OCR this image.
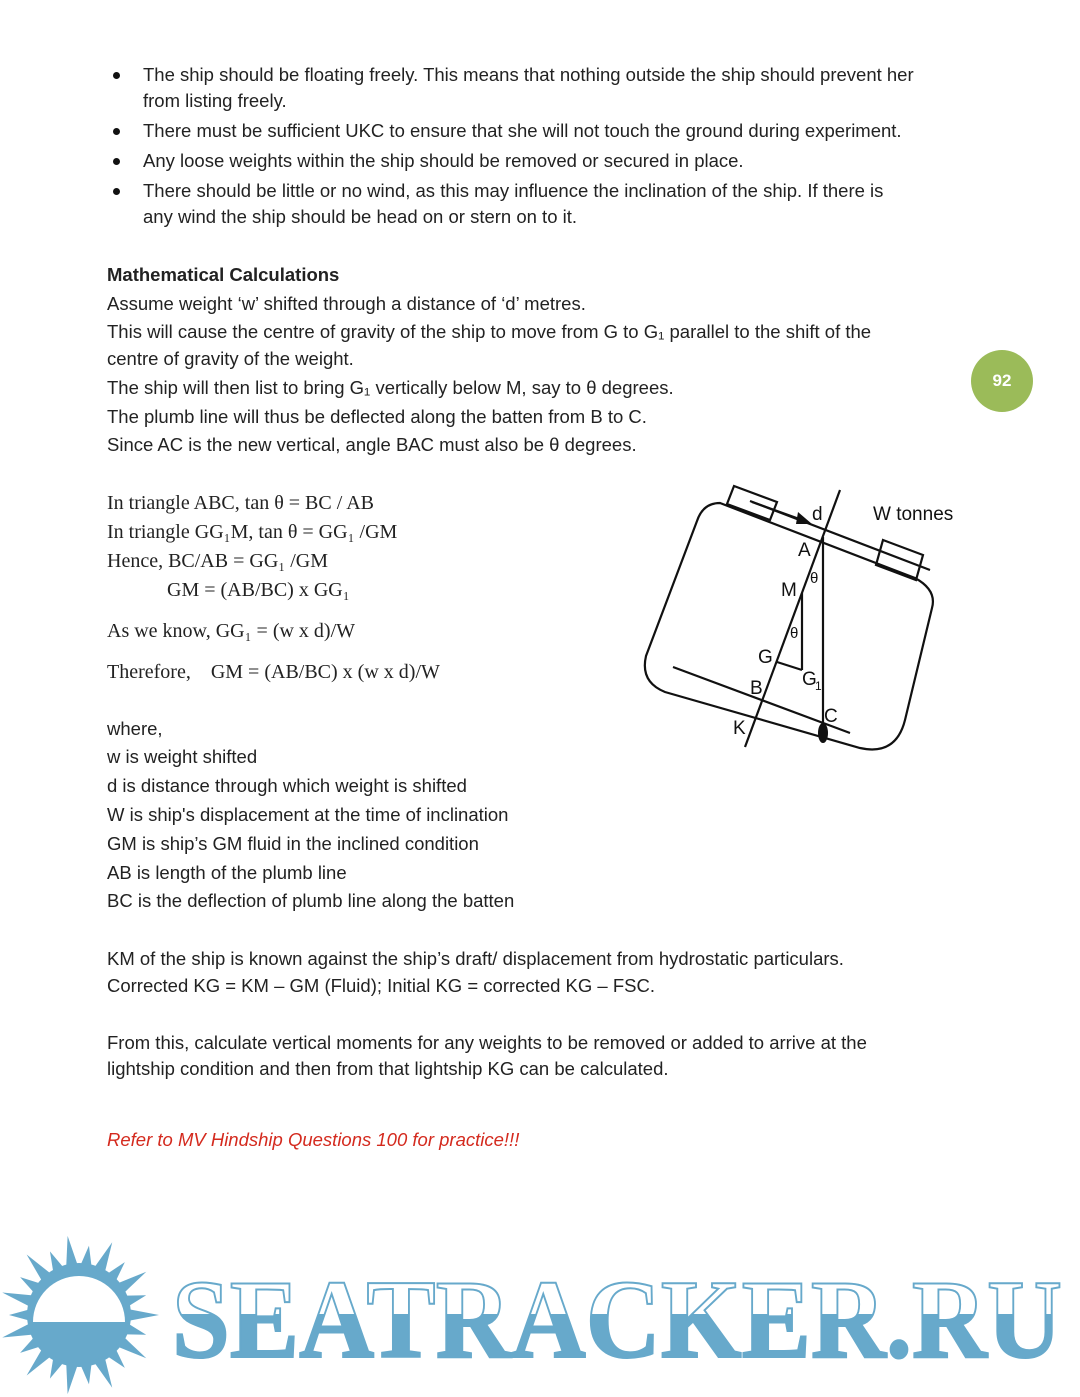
The ship should be floating freely. This means that nothing outside the ship should prevent her
from listing freely.
There must be sufficient UKC to ensure that she will not touch the ground during experiment.
Any loose weights within the ship should be removed or secured in place.
There should be little or no wind, as this may influence the inclination of the ship. If there is
any wind the ship should be head on or stern on to it.
Mathematical Calculations
Assume weight ‘w’ shifted through a distance of ‘d’ metres.
This will cause the centre of gravity of the ship to move from G to G₁ parallel to the shift of the
centre of gravity of the weight.
The ship will then list to bring G₁ vertically below M, say to θ degrees.
The plumb line will thus be deflected along the batten from B to C.
Since AC is the new vertical, angle BAC must also be θ degrees.
92
In triangle ABC, tan θ = BC / AB
In triangle GG₁M, tan θ = GG₁ /GM
Hence, BC/AB = GG₁ /GM
GM = (AB/BC) x GG₁
As we know, GG₁ = (w x d)/W
Therefore,    GM = (AB/BC) x (w x d)/W
d	W tonnes
A
θ
M
θ
G
G
1
B
C
K
where,
w is weight shifted
d is distance through which weight is shifted
W is ship's displacement at the time of inclination
GM is ship’s GM fluid in the inclined condition
AB is length of the plumb line
BC is the deflection of plumb line along the batten
KM of the ship is known against the ship’s draft/ displacement from hydrostatic particulars.
Corrected KG = KM – GM (Fluid); Initial KG = corrected KG – FSC.
From this, calculate vertical moments for any weights to be removed or added to arrive at the
lightship condition and then from that lightship KG can be calculated.
Refer to MV Hindship Questions 100 for practice!!!
SEATRACKER.RU
